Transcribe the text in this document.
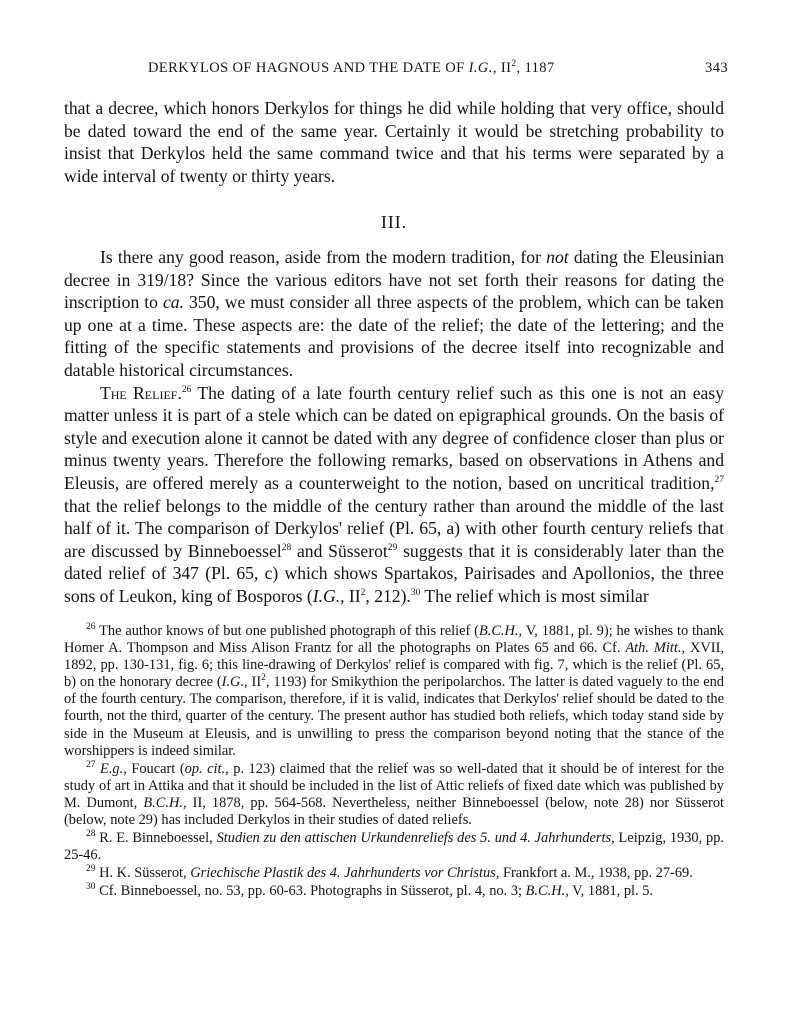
DERKYLOS OF HAGNOUS AND THE DATE OF I.G., $II^2$, 1187	343

that a decree, which honors Derkylos for things he did while holding that very office, should be dated toward the end of the same year. Certainly it would be stretching probability to insist that Derkylos held the same command twice and that his terms were separated by a wide interval of twenty or thirty years.

III.

Is there any good reason, aside from the modern tradition, for not dating the Eleusinian decree in 319/18? Since the various editors have not set forth their reasons for dating the inscription to ca. 350, we must consider all three aspects of the problem, which can be taken up one at a time. These aspects are: the date of the relief; the date of the lettering; and the fitting of the specific statements and provisions of the decree itself into recognizable and datable historical circumstances.

The Relief.$^{26}$ The dating of a late fourth century relief such as this one is not an easy matter unless it is part of a stele which can be dated on epigraphical grounds. On the basis of style and execution alone it cannot be dated with any degree of confidence closer than plus or minus twenty years. Therefore the following remarks, based on observations in Athens and Eleusis, are offered merely as a counterweight to the notion, based on uncritical tradition,$^{27}$ that the relief belongs to the middle of the century rather than around the middle of the last half of it. The comparison of Derkylos' relief (Pl. 65, a) with other fourth century reliefs that are discussed by Binneboessel$^{28}$ and Süsserot$^{29}$ suggests that it is considerably later than the dated relief of 347 (Pl. 65, c) which shows Spartakos, Pairisades and Apollonios, the three sons of Leukon, king of Bosporos (I.G., $II^2$, 212).$^{30}$ The relief which is most similar

$^{26}$ The author knows of but one published photograph of this relief (B.C.H., V, 1881, pl. 9); he wishes to thank Homer A. Thompson and Miss Alison Frantz for all the photographs on Plates 65 and 66. Cf. Ath. Mitt., XVII, 1892, pp. 130-131, fig. 6; this line-drawing of Derkylos' relief is compared with fig. 7, which is the relief (Pl. 65, b) on the honorary decree (I.G., $II^2$, 1193) for Smikythion the peripolarchos. The latter is dated vaguely to the end of the fourth century. The comparison, therefore, if it is valid, indicates that Derkylos' relief should be dated to the fourth, not the third, quarter of the century. The present author has studied both reliefs, which today stand side by side in the Museum at Eleusis, and is unwilling to press the comparison beyond noting that the stance of the worshippers is indeed similar.

$^{27}$ E.g., Foucart (op. cit., p. 123) claimed that the relief was so well-dated that it should be of interest for the study of art in Attika and that it should be included in the list of Attic reliefs of fixed date which was published by M. Dumont, B.C.H., II, 1878, pp. 564-568. Nevertheless, neither Binneboessel (below, note 28) nor Süsserot (below, note 29) has included Derkylos in their studies of dated reliefs.

$^{28}$ R. E. Binneboessel, Studien zu den attischen Urkundenreliefs des 5. und 4. Jahrhunderts, Leipzig, 1930, pp. 25-46.

$^{29}$ H. K. Süsserot, Griechische Plastik des 4. Jahrhunderts vor Christus, Frankfort a. M., 1938, pp. 27-69.

$^{30}$ Cf. Binneboessel, no. 53, pp. 60-63. Photographs in Süsserot, pl. 4, no. 3; B.C.H., V, 1881, pl. 5.
